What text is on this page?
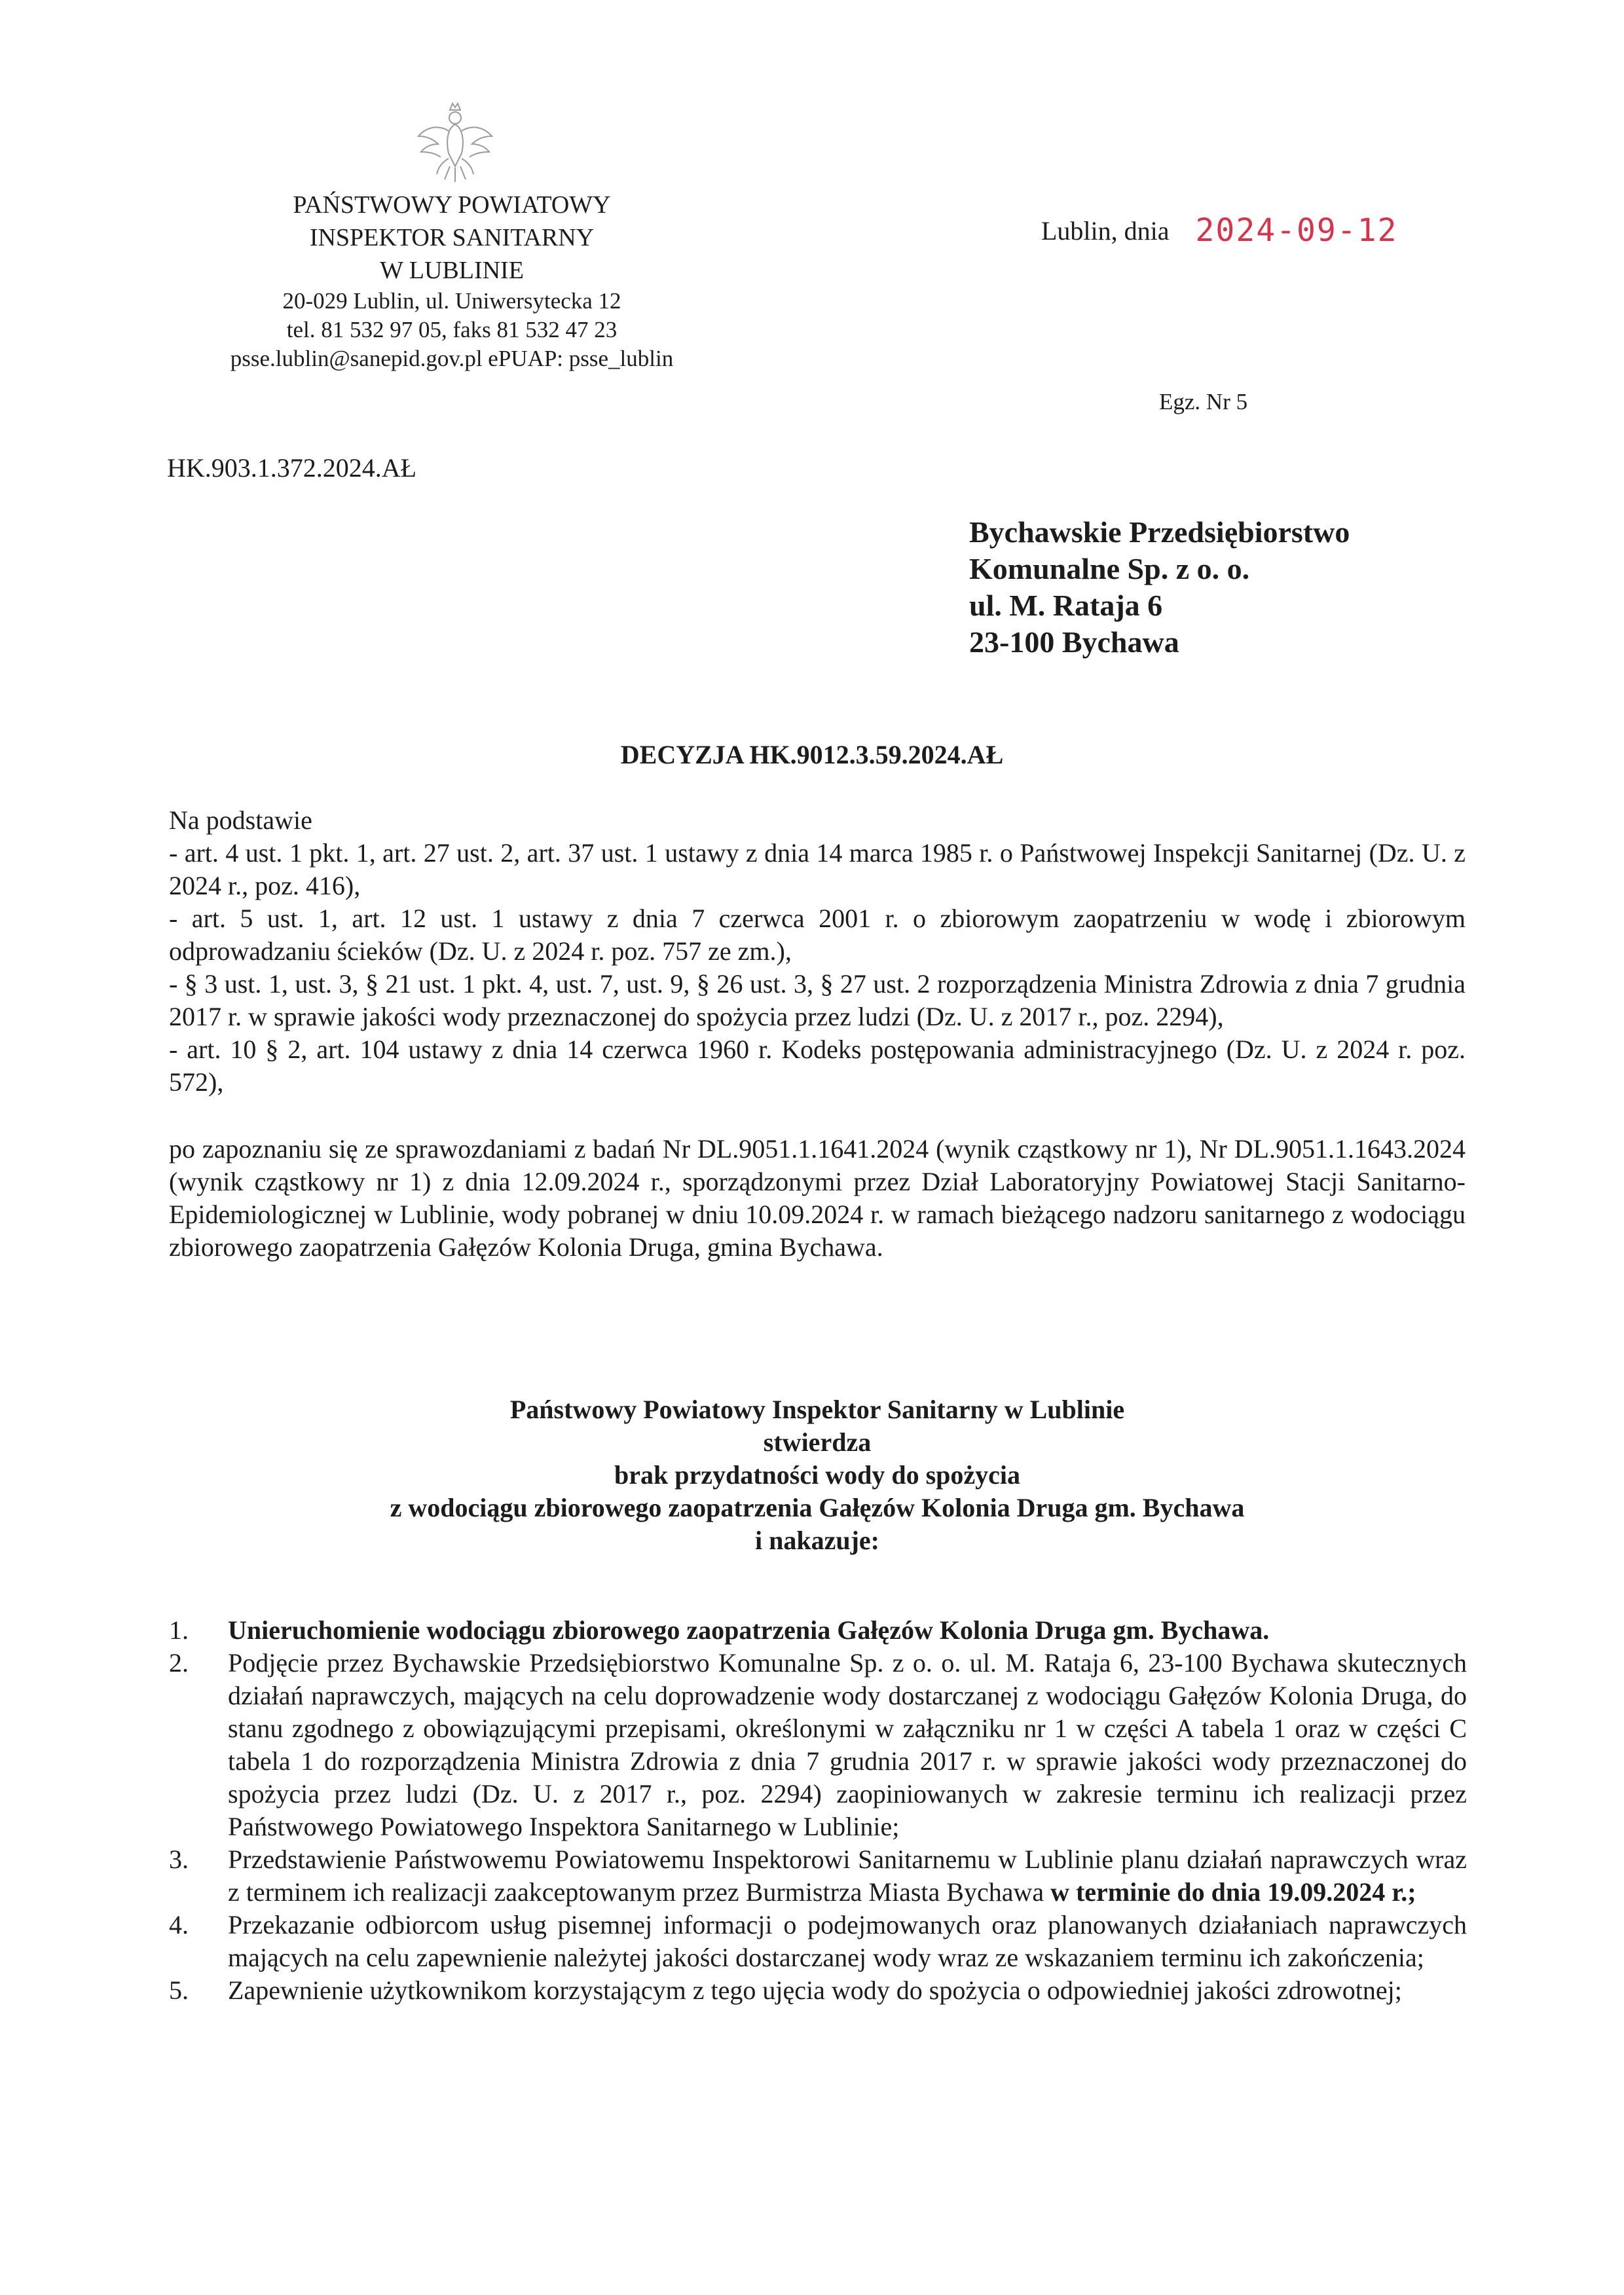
PAŃSTWOWY POWIATOWY
INSPEKTOR SANITARNY
W LUBLINIE
20-029 Lublin, ul. Uniwersytecka 12
tel. 81 532 97 05, faks 81 532 47 23
psse.lublin@sanepid.gov.pl ePUAP: psse_lublin
Lublin, dnia 2024-09-12
Egz. Nr 5
HK.903.1.372.2024.AŁ
Bychawskie Przedsiębiorstwo
Komunalne Sp. z o. o.
ul. M. Rataja 6
23-100 Bychawa
DECYZJA HK.9012.3.59.2024.AŁ

Na podstawie

- art. 4 ust. 1 pkt. 1, art. 27 ust. 2, art. 37 ust. 1 ustawy z dnia 14 marca 1985 r. o Państwowej Inspekcji Sanitarnej (Dz. U. z 2024 r., poz. 416),

- art. 5 ust. 1, art. 12 ust. 1 ustawy z dnia 7 czerwca 2001 r. o zbiorowym zaopatrzeniu w wodę i zbiorowym odprowadzaniu ścieków (Dz. U. z 2024 r. poz. 757 ze zm.),

- § 3 ust. 1, ust. 3, § 21 ust. 1 pkt. 4, ust. 7, ust. 9, § 26 ust. 3, § 27 ust. 2 rozporządzenia Ministra Zdrowia z dnia 7 grudnia 2017 r. w sprawie jakości wody przeznaczonej do spożycia przez ludzi (Dz. U. z 2017 r., poz. 2294),

- art. 10 § 2, art. 104 ustawy z dnia 14 czerwca 1960 r. Kodeks postępowania administracyjnego (Dz. U. z 2024 r. poz. 572),

po zapoznaniu się ze sprawozdaniami z badań Nr DL.9051.1.1641.2024 (wynik cząstkowy nr 1), Nr DL.9051.1.1643.2024 (wynik cząstkowy nr 1) z dnia 12.09.2024 r., sporządzonymi przez Dział Laboratoryjny Powiatowej Stacji Sanitarno-Epidemiologicznej w Lublinie, wody pobranej w dniu 10.09.2024 r. w ramach bieżącego nadzoru sanitarnego z wodociągu zbiorowego zaopatrzenia Gałęzów Kolonia Druga, gmina Bychawa.

Państwowy Powiatowy Inspektor Sanitarny w Lublinie
stwierdza
brak przydatności wody do spożycia
z wodociągu zbiorowego zaopatrzenia Gałęzów Kolonia Druga gm. Bychawa
i nakazuje:
1.	Unieruchomienie wodociągu zbiorowego zaopatrzenia Gałęzów Kolonia Druga gm. Bychawa.
2.	Podjęcie przez Bychawskie Przedsiębiorstwo Komunalne Sp. z o. o. ul. M. Rataja 6, 23-100 Bychawa skutecznych działań naprawczych, mających na celu doprowadzenie wody dostarczanej z wodociągu Gałęzów Kolonia Druga, do stanu zgodnego z obowiązującymi przepisami, określonymi w załączniku nr 1 w części A tabela 1 oraz w części C tabela 1 do rozporządzenia Ministra Zdrowia z dnia 7 grudnia 2017 r. w sprawie jakości wody przeznaczonej do spożycia przez ludzi (Dz. U. z 2017 r., poz. 2294) zaopiniowanych w zakresie terminu ich realizacji przez Państwowego Powiatowego Inspektora Sanitarnego w Lublinie;
3.	Przedstawienie Państwowemu Powiatowemu Inspektorowi Sanitarnemu w Lublinie planu działań naprawczych wraz z terminem ich realizacji zaakceptowanym przez Burmistrza Miasta Bychawa w terminie do dnia 19.09.2024 r.;
4.	Przekazanie odbiorcom usług pisemnej informacji o podejmowanych oraz planowanych działaniach naprawczych mających na celu zapewnienie należytej jakości dostarczanej wody wraz ze wskazaniem terminu ich zakończenia;
5.	Zapewnienie użytkownikom korzystającym z tego ujęcia wody do spożycia o odpowiedniej jakości zdrowotnej;
